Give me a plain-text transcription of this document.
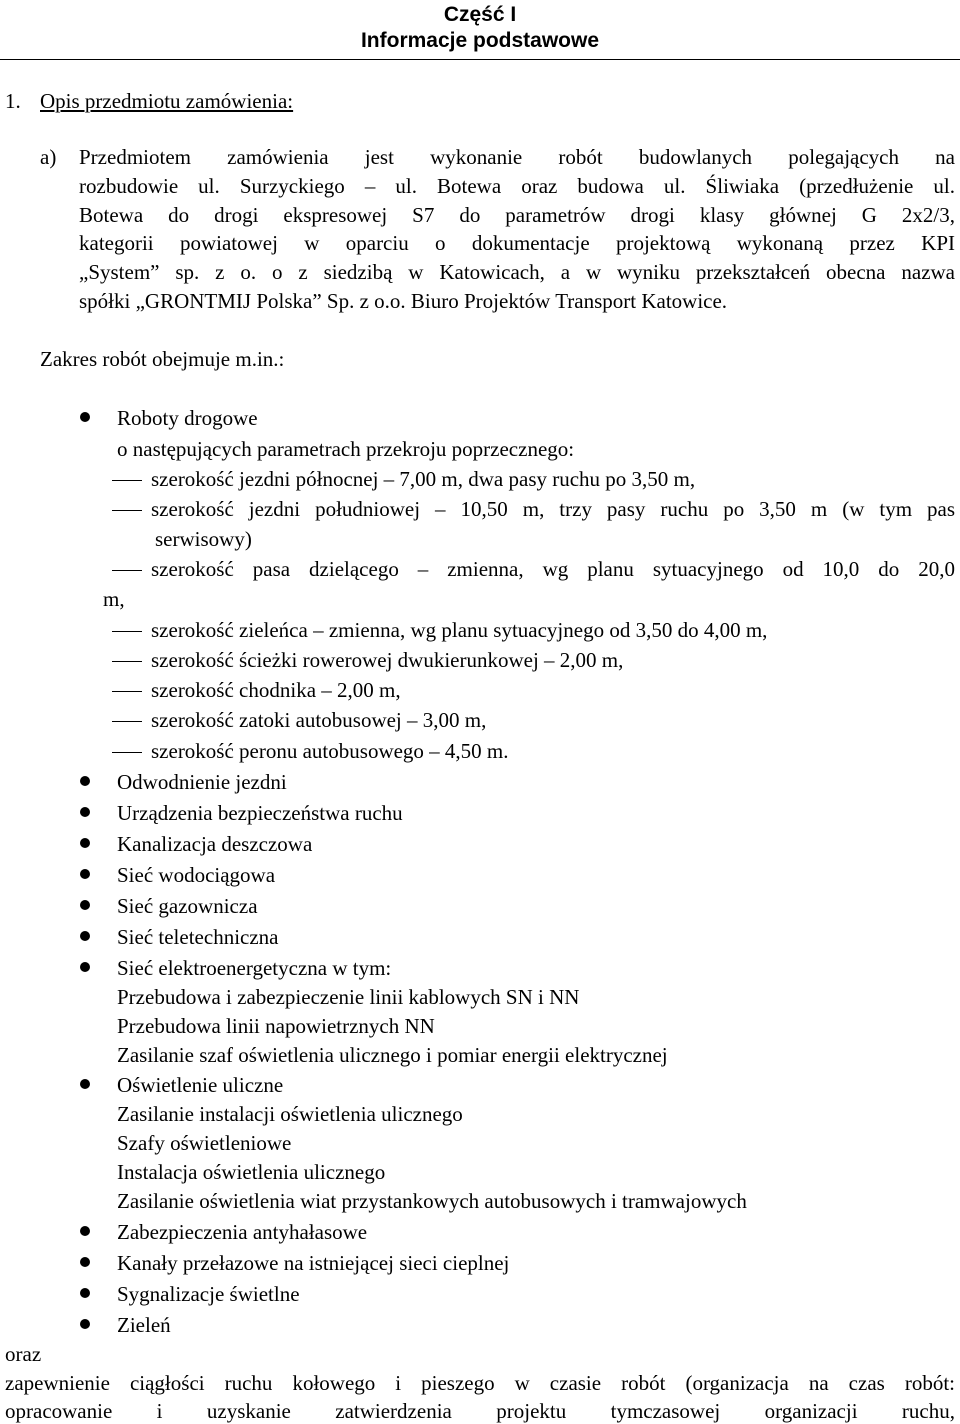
Część I
Informacje podstawowe
1. Opis przedmiotu zamówienia:
a) Przedmiotem zamówienia jest wykonanie robót budowlanych polegających na
rozbudowie ul. Surzyckiego – ul. Botewa oraz budowa ul. Śliwiaka (przedłużenie ul.
Botewa do drogi ekspresowej S7 do parametrów drogi klasy głównej G 2x2/3,
kategorii powiatowej w oparciu o dokumentacje projektową wykonaną przez KPI
„System” sp. z o. o z siedzibą w Katowicach, a w wyniku przekształceń obecna nazwa
spółki „GRONTMIJ Polska” Sp. z o.o. Biuro Projektów Transport Katowice.
Zakres robót obejmuje m.in.:
Roboty drogowe
o następujących parametrach przekroju poprzecznego:
szerokość jezdni północnej – 7,00 m, dwa pasy ruchu po 3,50 m,
szerokość jezdni południowej – 10,50 m, trzy pasy ruchu po 3,50 m (w tym pas
serwisowy)
szerokość pasa dzielącego – zmienna, wg planu sytuacyjnego od 10,0 do 20,0
m,
szerokość zieleńca – zmienna, wg planu sytuacyjnego od 3,50 do 4,00 m,
szerokość ścieżki rowerowej dwukierunkowej – 2,00 m,
szerokość chodnika – 2,00 m,
szerokość zatoki autobusowej – 3,00 m,
szerokość peronu autobusowego – 4,50 m.
Odwodnienie jezdni
Urządzenia bezpieczeństwa ruchu
Kanalizacja deszczowa
Sieć wodociągowa
Sieć gazownicza
Sieć teletechniczna
Sieć elektroenergetyczna w tym:
Przebudowa i zabezpieczenie linii kablowych SN i NN
Przebudowa linii napowietrznych NN
Zasilanie szaf oświetlenia ulicznego i pomiar energii elektrycznej
Oświetlenie uliczne
Zasilanie instalacji oświetlenia ulicznego
Szafy oświetleniowe
Instalacja oświetlenia ulicznego
Zasilanie oświetlenia wiat przystankowych autobusowych i tramwajowych
Zabezpieczenia antyhałasowe
Kanały przełazowe na istniejącej sieci cieplnej
Sygnalizacje świetlne
Zieleń
oraz
zapewnienie ciągłości ruchu kołowego i pieszego w czasie robót (organizacja na czas robót:
opracowanie i uzyskanie zatwierdzenia projektu tymczasowej organizacji ruchu,
